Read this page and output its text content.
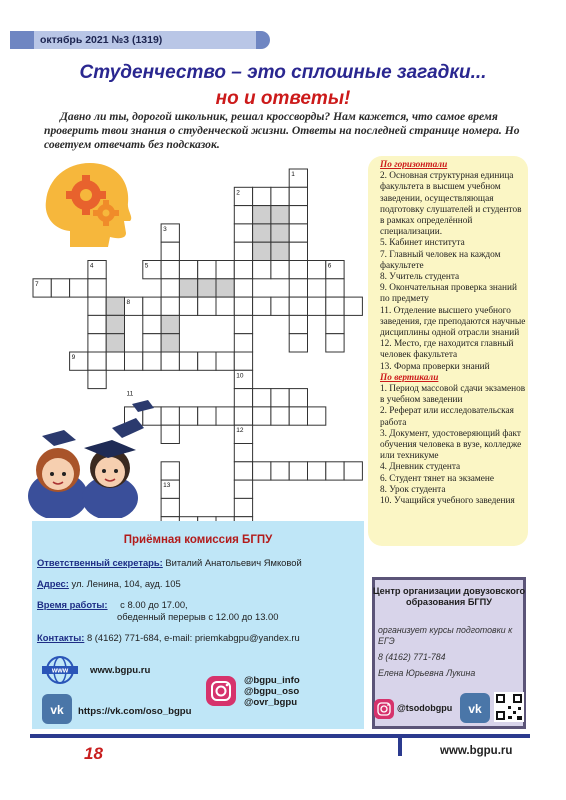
октябрь 2021 №3 (1319)
Студенчество – это сплошные загадки...
но и ответы!
Давно ли ты, дорогой школьник, решал кроссворды? Нам кажется, что самое время проверить твои знания о студенческой жизни. Ответы на последней странице номера. Но советуем отвечать без подсказок.
1
2
3
4	5	6
7
8
9
10
11
12
13
По горизонтали
2. Основная структурная единица факультета в высшем учебном заведении, осуществляющая подготовку слушателей и студентов в рамках определённой специализации.
5. Кабинет института
7. Главный человек на каждом факультете
8. Учитель студента
9. Окончательная проверка знаний по предмету
11. Отделение высшего учебного заведения, где преподаются научные дисциплины одной отрасли знаний
12. Место, где находится главный человек факультета
13. Форма проверки знаний
По вертикали
1. Период массовой сдачи экзаменов в учебном заведении
2. Реферат или исследовательская работа
3. Документ, удостоверяющий факт обучения человека в вузе, колледже или техникуме
4. Дневник студента
6. Студент тянет на экзамене
8. Урок студента
10. Учащийся учебного заведения
Приёмная комиссия БГПУ
Ответственный секретарь: Виталий Анатольевич Ямковой
Адрес: ул. Ленина, 104, ауд. 105
Время работы: с 8.00 до 17.00,
обеденный перерыв с 12.00 до 13.00
Контакты: 8 (4162) 771-684, e-mail: priemkabgpu@yandex.ru
www www.bgpu.ru
vk https://vk.com/oso_bgpu
@bgpu_info
@bgpu_oso
@ovr_bgpu
Центр организации довузовского образования БГПУ
организует курсы подготовки к ЕГЭ
8 (4162) 771-784
Елена Юрьевна Лукина
@tsodobgpu vk
18	www.bgpu.ru
